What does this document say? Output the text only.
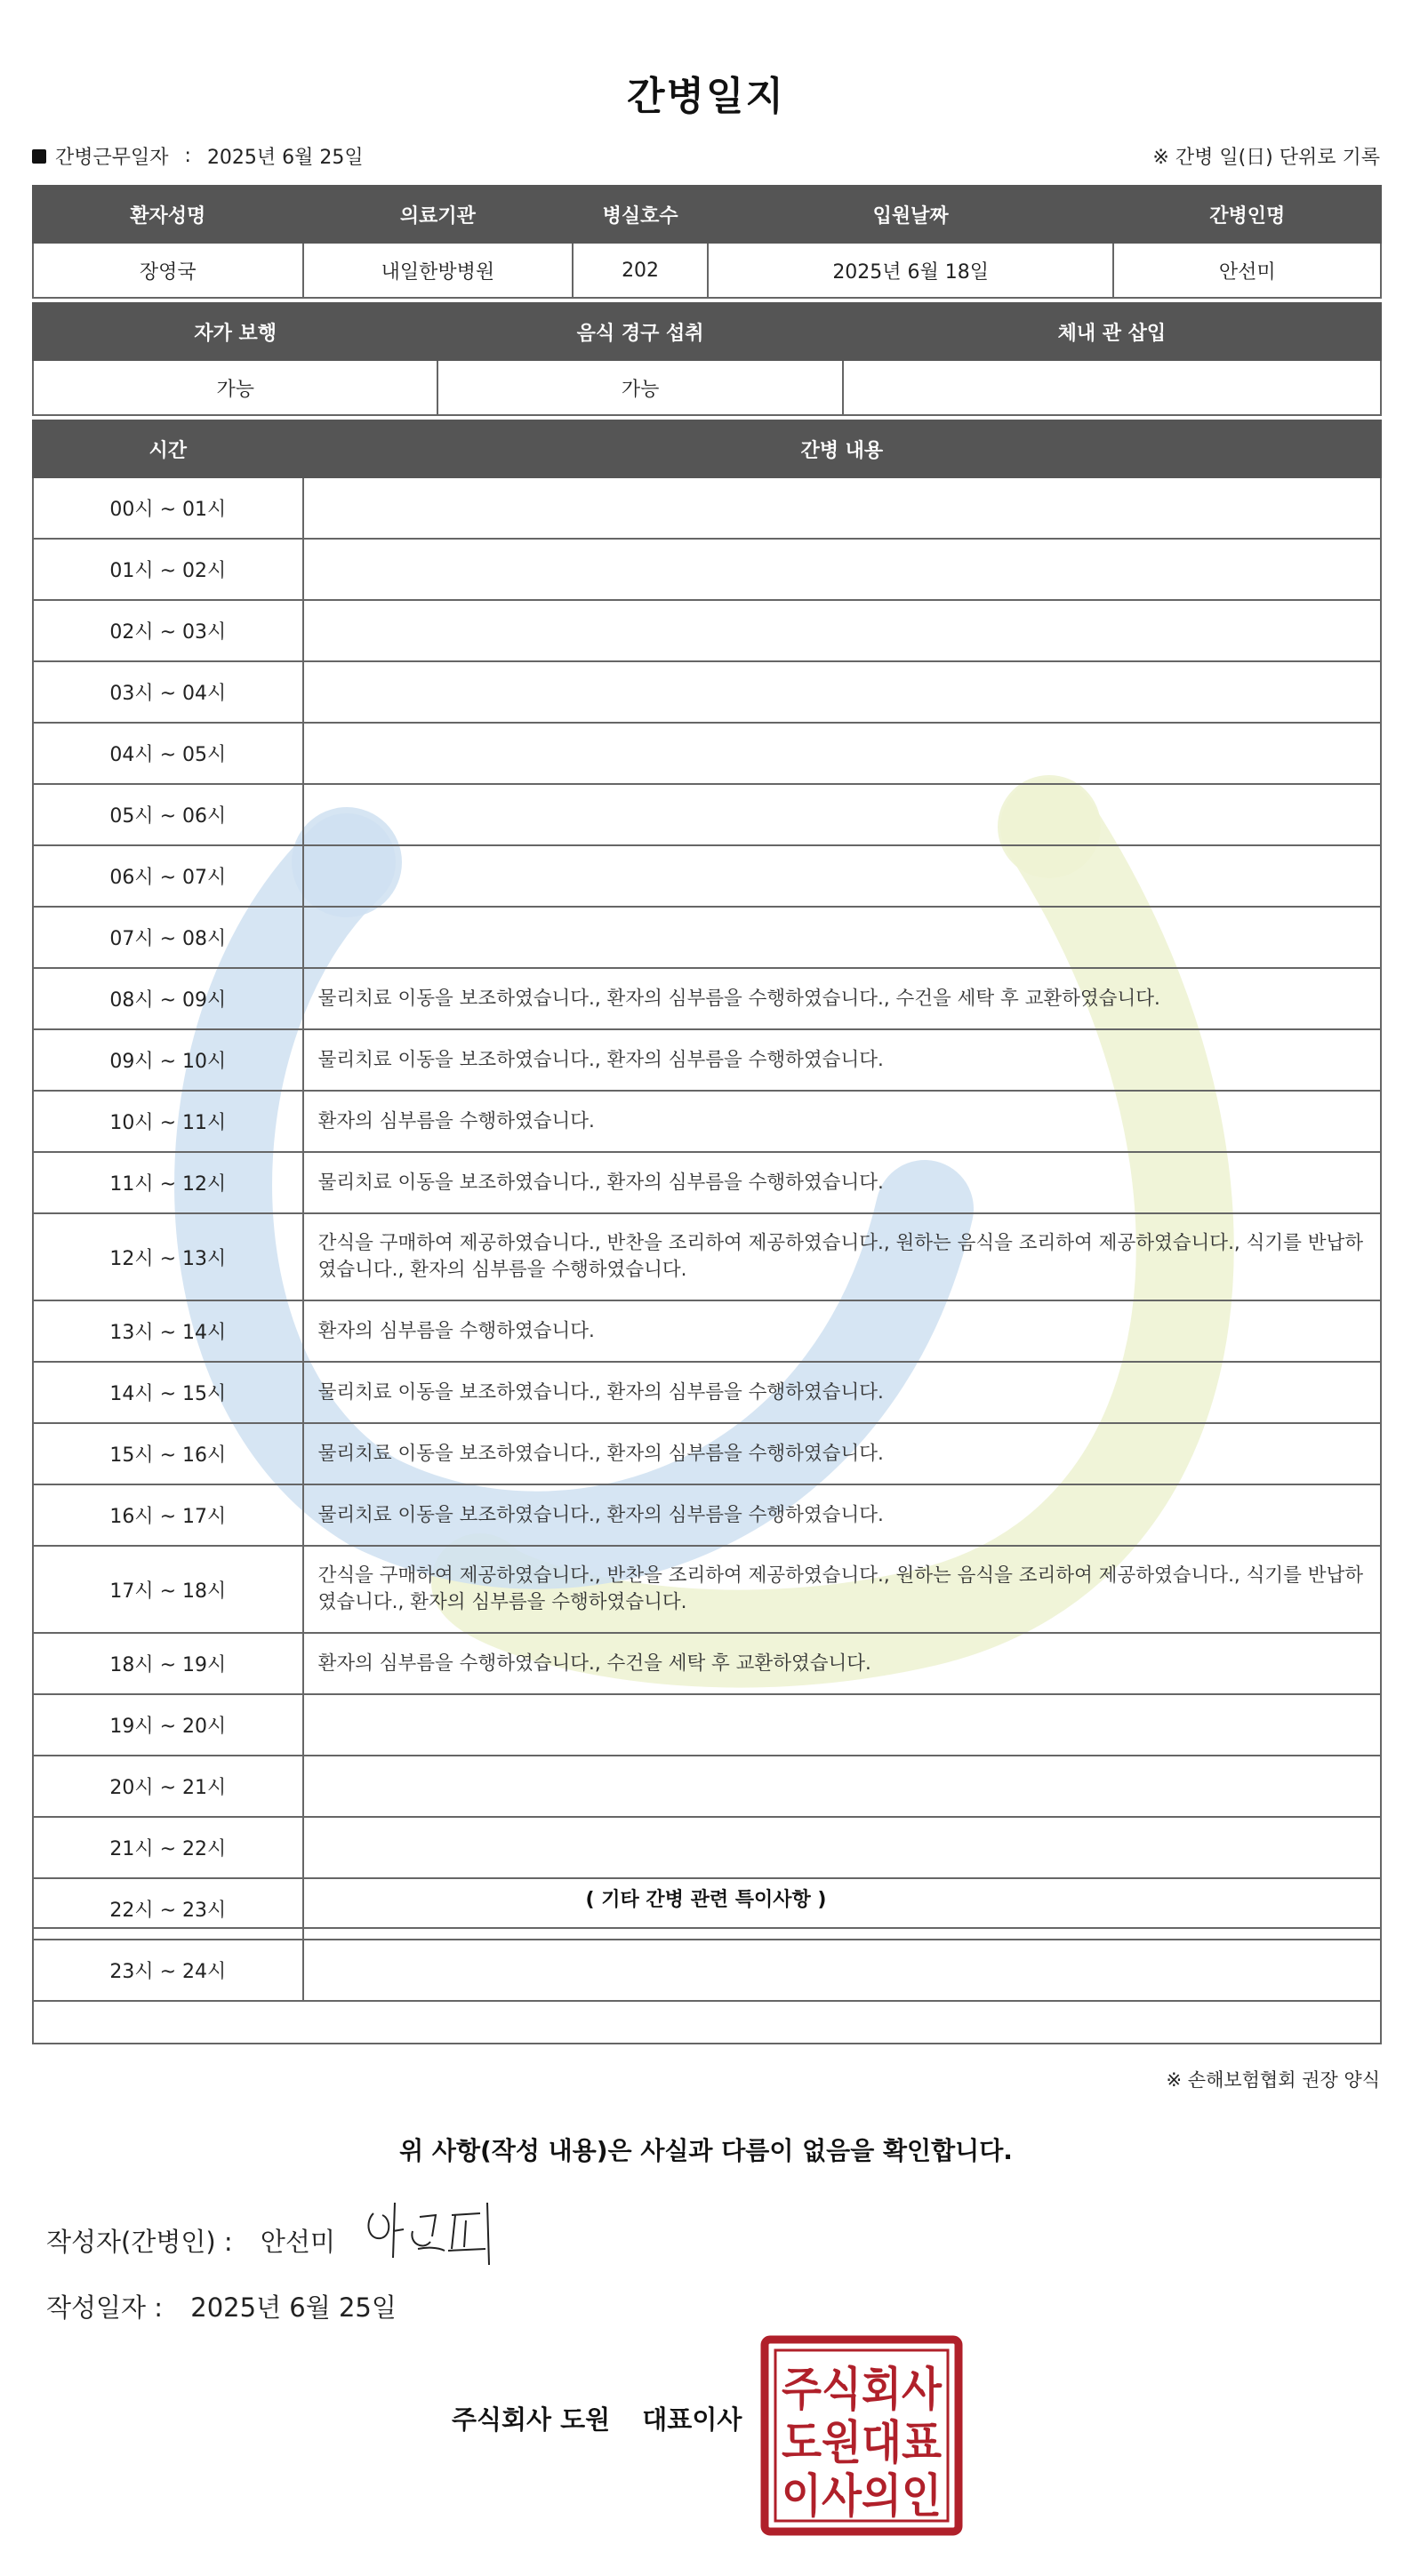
간병일지
간병근무일자 : 2025년 6월 25일	※ 간병 일(日) 단위로 기록
환자성명	의료기관	병실호수	입원날짜	간병인명
장영국	내일한방병원	202	2025년 6월 18일	안선미
자가 보행	음식 경구 섭취	체내 관 삽입
가능	가능	
시간	간병 내용
00시 ~ 01시	
01시 ~ 02시	
02시 ~ 03시	
03시 ~ 04시	
04시 ~ 05시	
05시 ~ 06시	
06시 ~ 07시	
07시 ~ 08시	
08시 ~ 09시	물리치료 이동을 보조하였습니다., 환자의 심부름을 수행하였습니다., 수건을 세탁 후 교환하였습니다.
09시 ~ 10시	물리치료 이동을 보조하였습니다., 환자의 심부름을 수행하였습니다.
10시 ~ 11시	환자의 심부름을 수행하였습니다.
11시 ~ 12시	물리치료 이동을 보조하였습니다., 환자의 심부름을 수행하였습니다.
12시 ~ 13시	간식을 구매하여 제공하였습니다., 반찬을 조리하여 제공하였습니다., 원하는 음식을 조리하여 제공하였습니다., 식기를 반납하였습니다., 환자의 심부름을 수행하였습니다.
13시 ~ 14시	환자의 심부름을 수행하였습니다.
14시 ~ 15시	물리치료 이동을 보조하였습니다., 환자의 심부름을 수행하였습니다.
15시 ~ 16시	물리치료 이동을 보조하였습니다., 환자의 심부름을 수행하였습니다.
16시 ~ 17시	물리치료 이동을 보조하였습니다., 환자의 심부름을 수행하였습니다.
17시 ~ 18시	간식을 구매하여 제공하였습니다., 반찬을 조리하여 제공하였습니다., 원하는 음식을 조리하여 제공하였습니다., 식기를 반납하였습니다., 환자의 심부름을 수행하였습니다.
18시 ~ 19시	환자의 심부름을 수행하였습니다., 수건을 세탁 후 교환하였습니다.
19시 ~ 20시	
20시 ~ 21시	
21시 ~ 22시	
22시 ~ 23시	
23시 ~ 24시	
( 기타 간병 관련 특이사항 )
※ 손해보험협회 권장 양식
위 사항(작성 내용)은 사실과 다름이 없음을 확인합니다.
작성자(간병인) : 안선미
작성일자 : 2025년 6월 25일
주식회사 도원 대표이사
주식회사
도원대표
이사의인
